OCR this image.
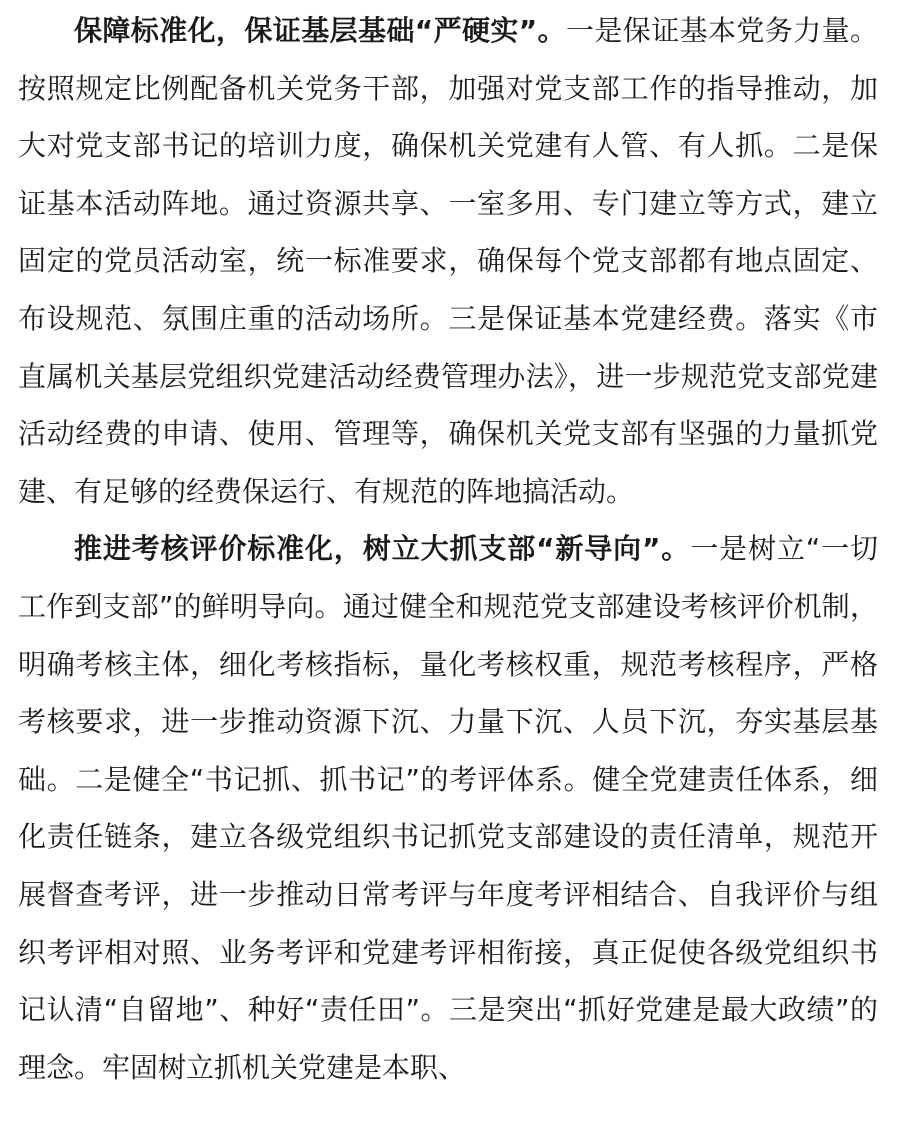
保障标准化，保证基层基础“严硬实”。一是保证基本党务力量。按照规定比例配备机关党务干部，加强对党支部工作的指导推动，加大对党支部书记的培训力度，确保机关党建有人管、有人抓。二是保证基本活动阵地。通过资源共享、一室多用、专门建立等方式，建立固定的党员活动室，统一标准要求，确保每个党支部都有地点固定、布设规范、氛围庄重的活动场所。三是保证基本党建经费。落实《市直属机关基层党组织党建活动经费管理办法》，进一步规范党支部党建活动经费的申请、使用、管理等，确保机关党支部有坚强的力量抓党建、有足够的经费保运行、有规范的阵地搞活动。

推进考核评价标准化，树立大抓支部“新导向”。一是树立“一切工作到支部”的鲜明导向。通过健全和规范党支部建设考核评价机制，明确考核主体，细化考核指标，量化考核权重，规范考核程序，严格考核要求，进一步推动资源下沉、力量下沉、人员下沉，夯实基层基础。二是健全“书记抓、抓书记”的考评体系。健全党建责任体系，细化责任链条，建立各级党组织书记抓党支部建设的责任清单，规范开展督查考评，进一步推动日常考评与年度考评相结合、自我评价与组织考评相对照、业务考评和党建考评相衔接，真正促使各级党组织书记认清“自留地”、种好“责任田”。三是突出“抓好党建是最大政绩”的理念。牢固树立抓机关党建是本职、
